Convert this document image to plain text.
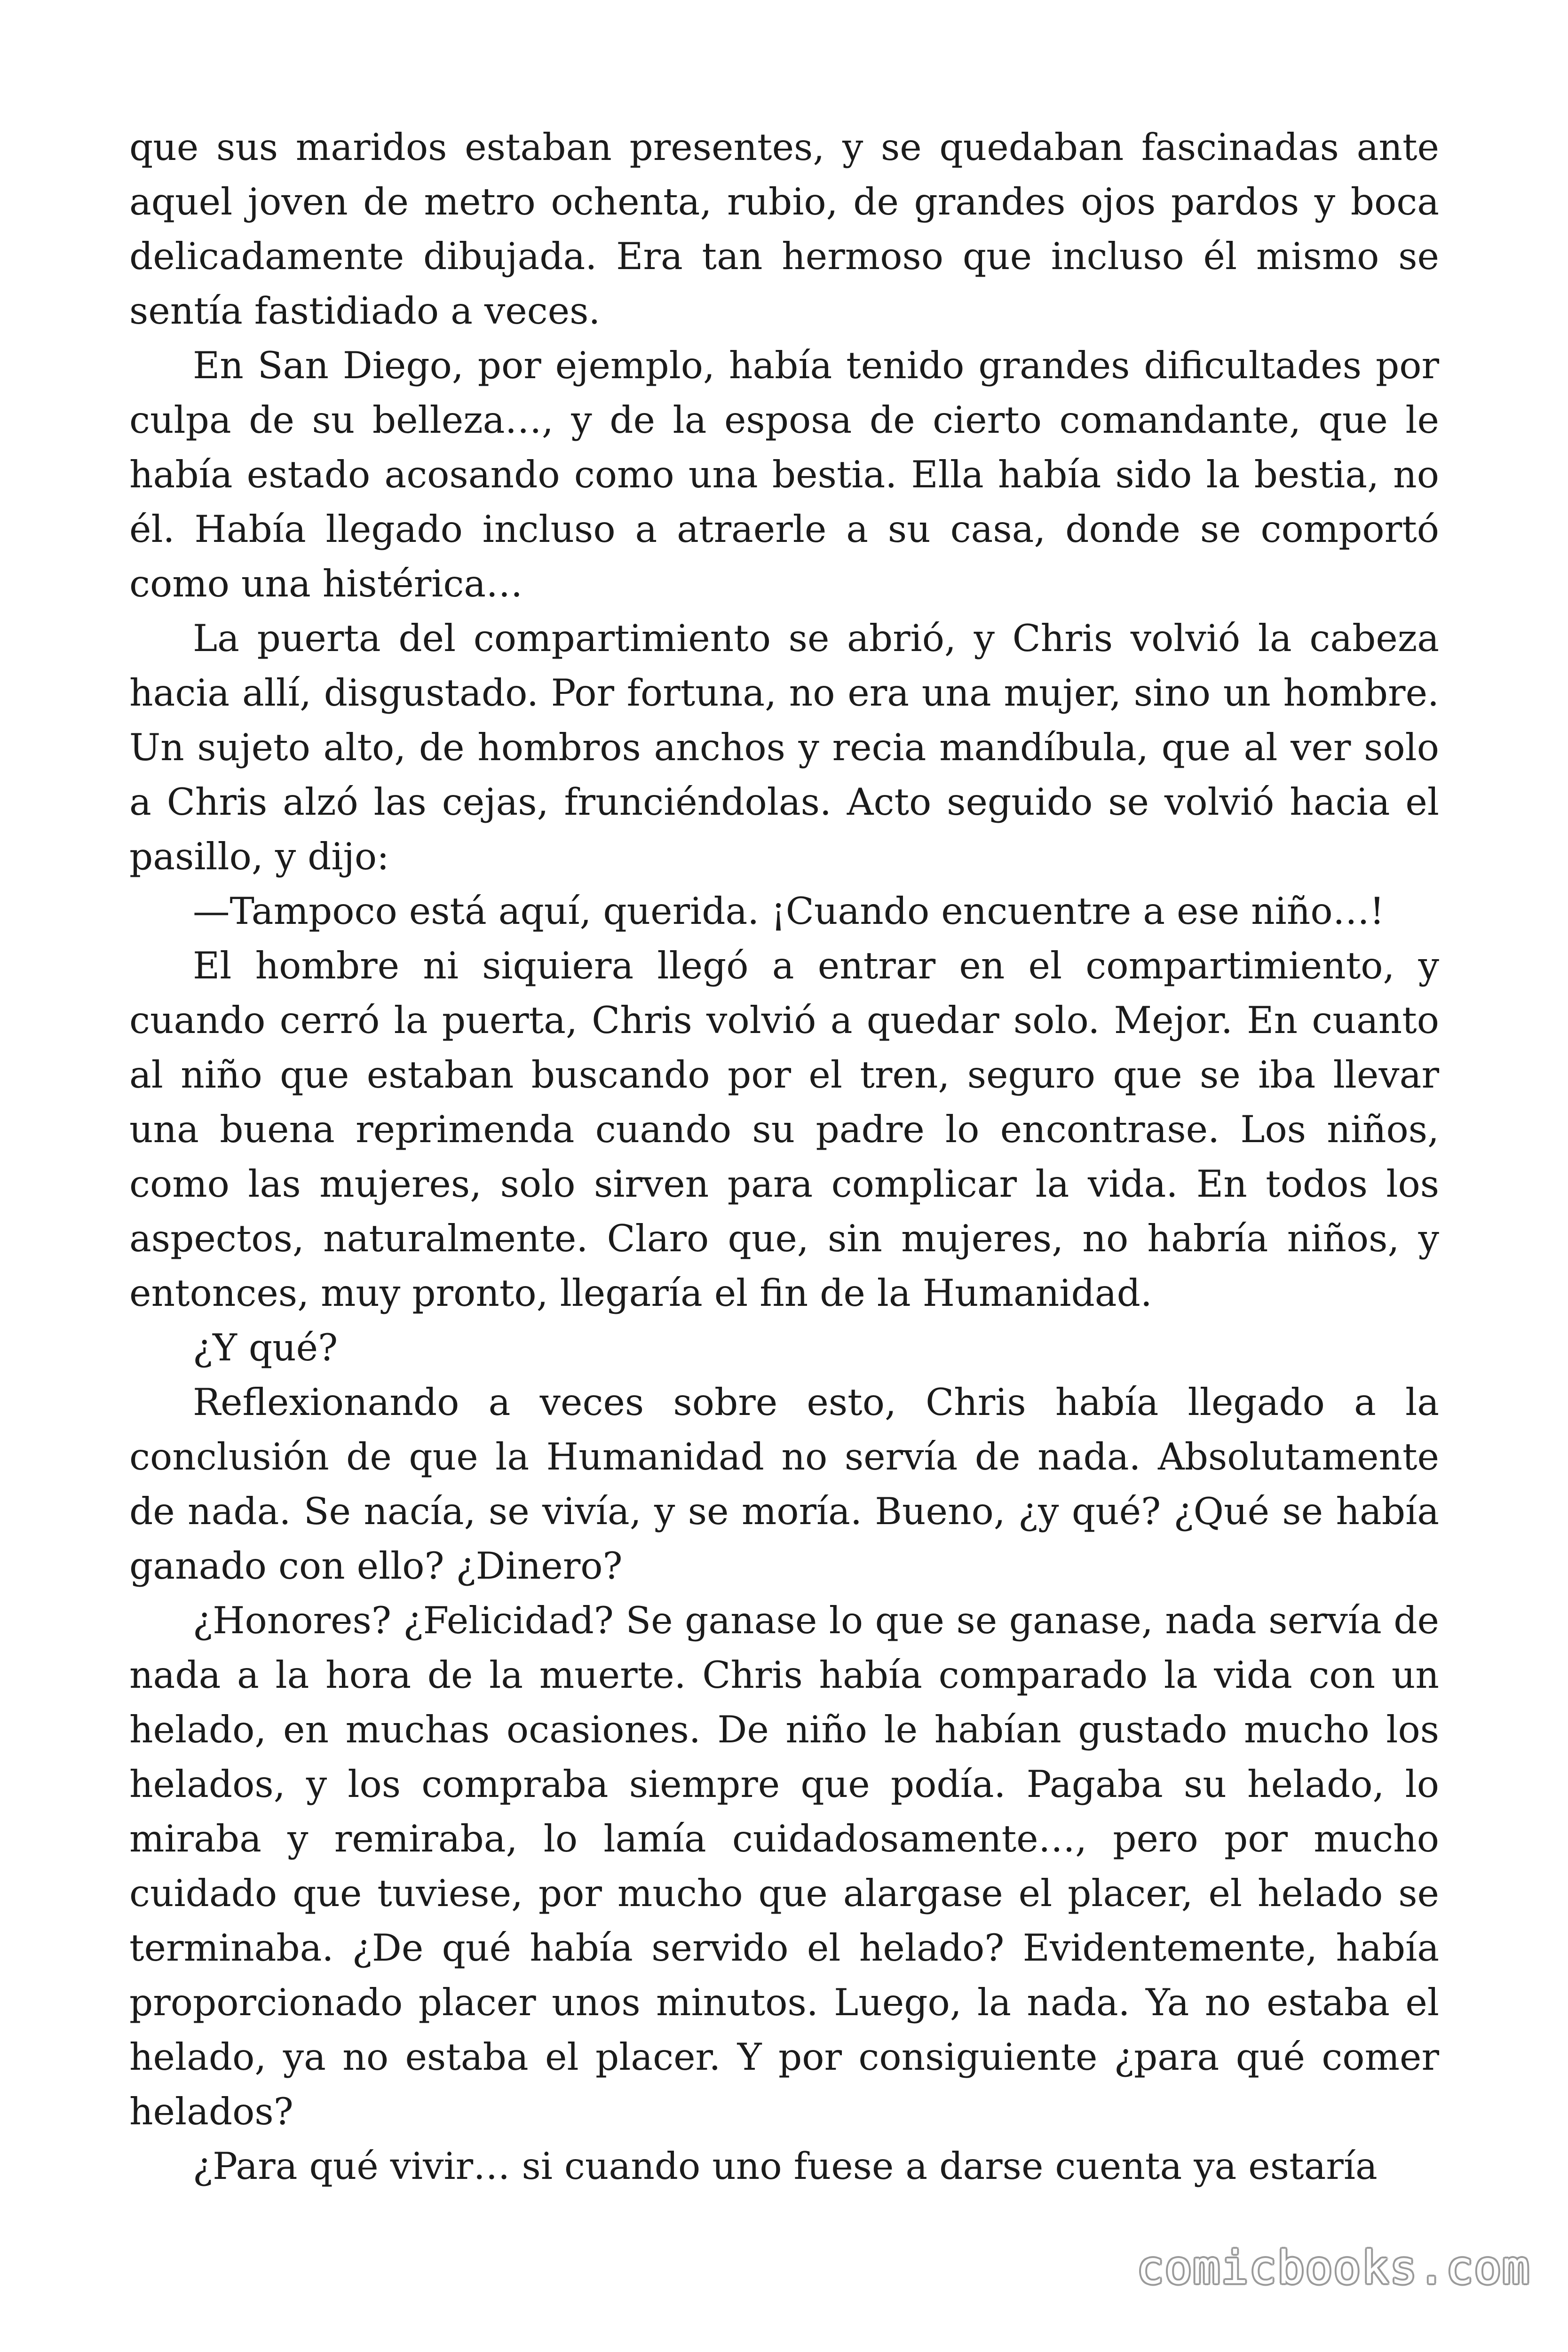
que sus maridos estaban presentes, y se quedaban fascinadas ante aquel joven de metro ochenta, rubio, de grandes ojos pardos y boca delicadamente dibujada. Era tan hermoso que incluso él mismo se sentía fastidiado a veces.

En San Diego, por ejemplo, había tenido grandes dificultades por culpa de su belleza…, y de la esposa de cierto comandante, que le había estado acosando como una bestia. Ella había sido la bestia, no él. Había llegado incluso a atraerle a su casa, donde se comportó como una histérica…

La puerta del compartimiento se abrió, y Chris volvió la cabeza hacia allí, disgustado. Por fortuna, no era una mujer, sino un hombre. Un sujeto alto, de hombros anchos y recia mandíbula, que al ver solo a Chris alzó las cejas, frunciéndolas. Acto seguido se volvió hacia el pasillo, y dijo:

—Tampoco está aquí, querida. ¡Cuando encuentre a ese niño…!

El hombre ni siquiera llegó a entrar en el compartimiento, y cuando cerró la puerta, Chris volvió a quedar solo. Mejor. En cuanto al niño que estaban buscando por el tren, seguro que se iba llevar una buena reprimenda cuando su padre lo encontrase. Los niños, como las mujeres, solo sirven para complicar la vida. En todos los aspectos, naturalmente. Claro que, sin mujeres, no habría niños, y entonces, muy pronto, llegaría el fin de la Humanidad.

¿Y qué?

Reflexionando a veces sobre esto, Chris había llegado a la conclusión de que la Humanidad no servía de nada. Absolutamente de nada. Se nacía, se vivía, y se moría. Bueno, ¿y qué? ¿Qué se había ganado con ello? ¿Dinero?

¿Honores? ¿Felicidad? Se ganase lo que se ganase, nada servía de nada a la hora de la muerte. Chris había comparado la vida con un helado, en muchas ocasiones. De niño le habían gustado mucho los helados, y los compraba siempre que podía. Pagaba su helado, lo miraba y remiraba, lo lamía cuidadosamente…, pero por mucho cuidado que tuviese, por mucho que alargase el placer, el helado se terminaba. ¿De qué había servido el helado? Evidentemente, había proporcionado placer unos minutos. Luego, la nada. Ya no estaba el helado, ya no estaba el placer. Y por consiguiente ¿para qué comer helados?

¿Para qué vivir… si cuando uno fuese a darse cuenta ya estaría

comicbooks.com
